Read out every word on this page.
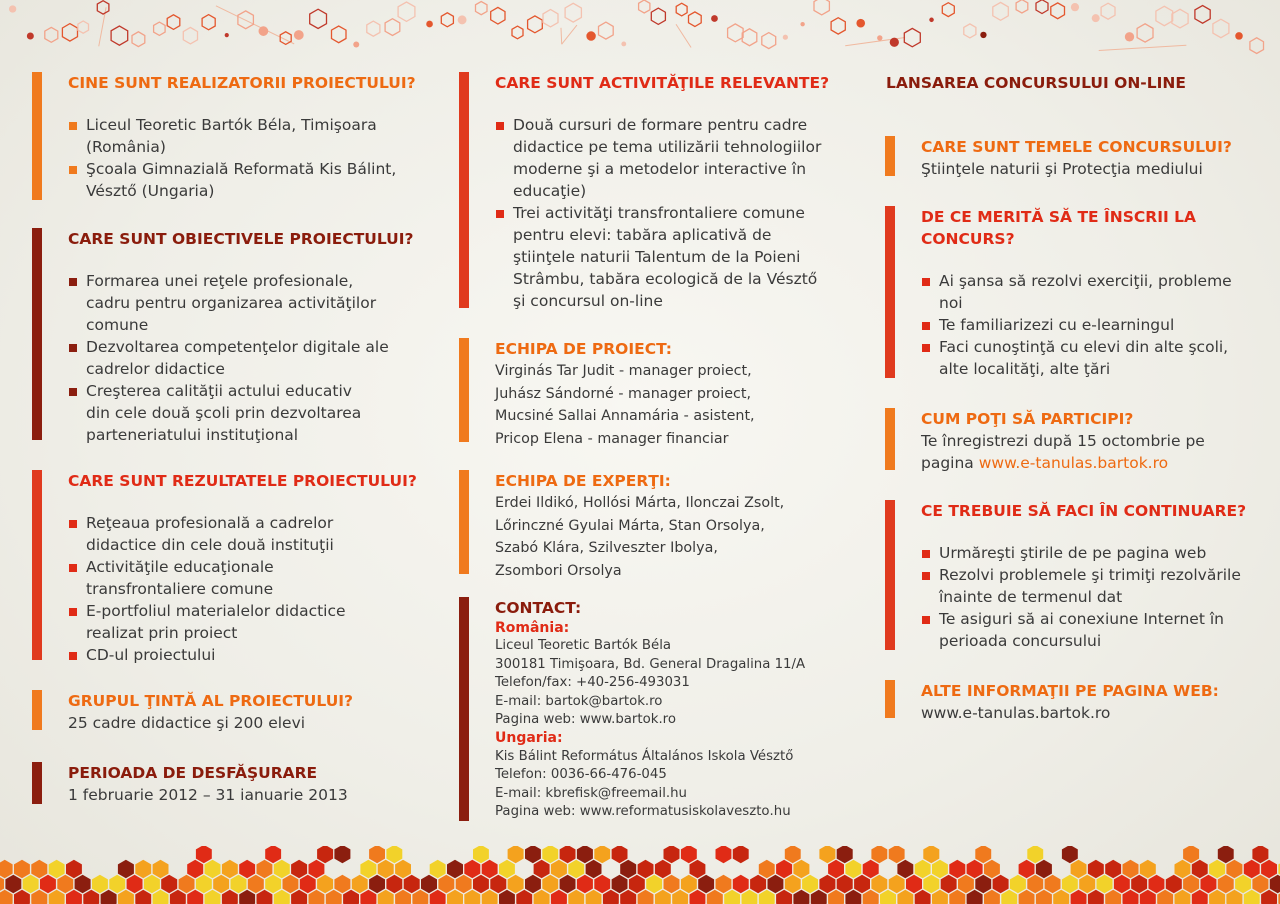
CINE SUNT REALIZATORII PROIECTULUI?

Liceul Teoretic Bartók Béla, Timişoara
(România)
Şcoala Gimnazială Reformată Kis Bálint,
Vésztő (Ungaria)

CARE SUNT OBIECTIVELE PROIECTULUI?

Formarea unei reţele profesionale,
cadru pentru organizarea activităţilor
comune
Dezvoltarea competenţelor digitale ale
cadrelor didactice
Creşterea calităţii actului educativ
din cele două şcoli prin dezvoltarea
parteneriatului instituţional

CARE SUNT REZULTATELE PROIECTULUI?

Reţeaua profesională a cadrelor
didactice din cele două instituţii
Activităţile educaţionale
transfrontaliere comune
E-portfoliul materialelor didactice
realizat prin proiect
CD-ul proiectului

GRUPUL ŢINTĂ AL PROIECTULUI?

25 cadre didactice şi 200 elevi

PERIOADA DE DESFĂŞURARE

1 februarie 2012 – 31 ianuarie 2013

CARE SUNT ACTIVITĂŢILE RELEVANTE?

Două cursuri de formare pentru cadre
didactice pe tema utilizării tehnologiilor
moderne şi a metodelor interactive în
educaţie)
Trei activităţi transfrontaliere comune
pentru elevi: tabăra aplicativă de
ştiinţele naturii Talentum de la Poieni
Strâmbu, tabăra ecologică de la Vésztő
şi concursul on-line

ECHIPA DE PROIECT:

Virginás Tar Judit - manager proiect,

Juhász Sándorné - manager proiect,

Mucsiné Sallai Annamária - asistent,

Pricop Elena - manager financiar

ECHIPA DE EXPERŢI:

Erdei Ildikó, Hollósi Márta, Ilonczai Zsolt,

Lőrinczné Gyulai Márta, Stan Orsolya,

Szabó Klára, Szilveszter Ibolya,

Zsombori Orsolya

CONTACT:

România:

Liceul Teoretic Bartók Béla

300181 Timişoara, Bd. General Dragalina 11/A

Telefon/fax: +40-256-493031

E-mail: bartok@bartok.ro

Pagina web: www.bartok.ro

Ungaria:

Kis Bálint Református Általános Iskola Vésztő

Telefon: 0036-66-476-045

E-mail: kbrefisk@freemail.hu

Pagina web: www.reformatusiskolavesztо.hu

LANSAREA CONCURSULUI ON-LINE

CARE SUNT TEMELE CONCURSULUI?

Ştiinţele naturii şi Protecţia mediului

DE CE MERITĂ SĂ TE ÎNSCRII LA
CONCURS?

Ai şansa să rezolvi exerciţii, probleme
noi
Te familiarizezi cu e-learningul
Faci cunoştinţă cu elevi din alte şcoli,
alte localităţi, alte ţări

CUM POŢI SĂ PARTICIPI?

Te înregistrezi după 15 octombrie pe

pagina www.e-tanulas.bartok.ro

CE TREBUIE SĂ FACI ÎN CONTINUARE?

Urmăreşti ştirile de pe pagina web
Rezolvi problemele şi trimiţi rezolvările
înainte de termenul dat
Te asiguri să ai conexiune Internet în
perioada concursului

ALTE INFORMAŢII PE PAGINA WEB:

www.e-tanulas.bartok.ro
